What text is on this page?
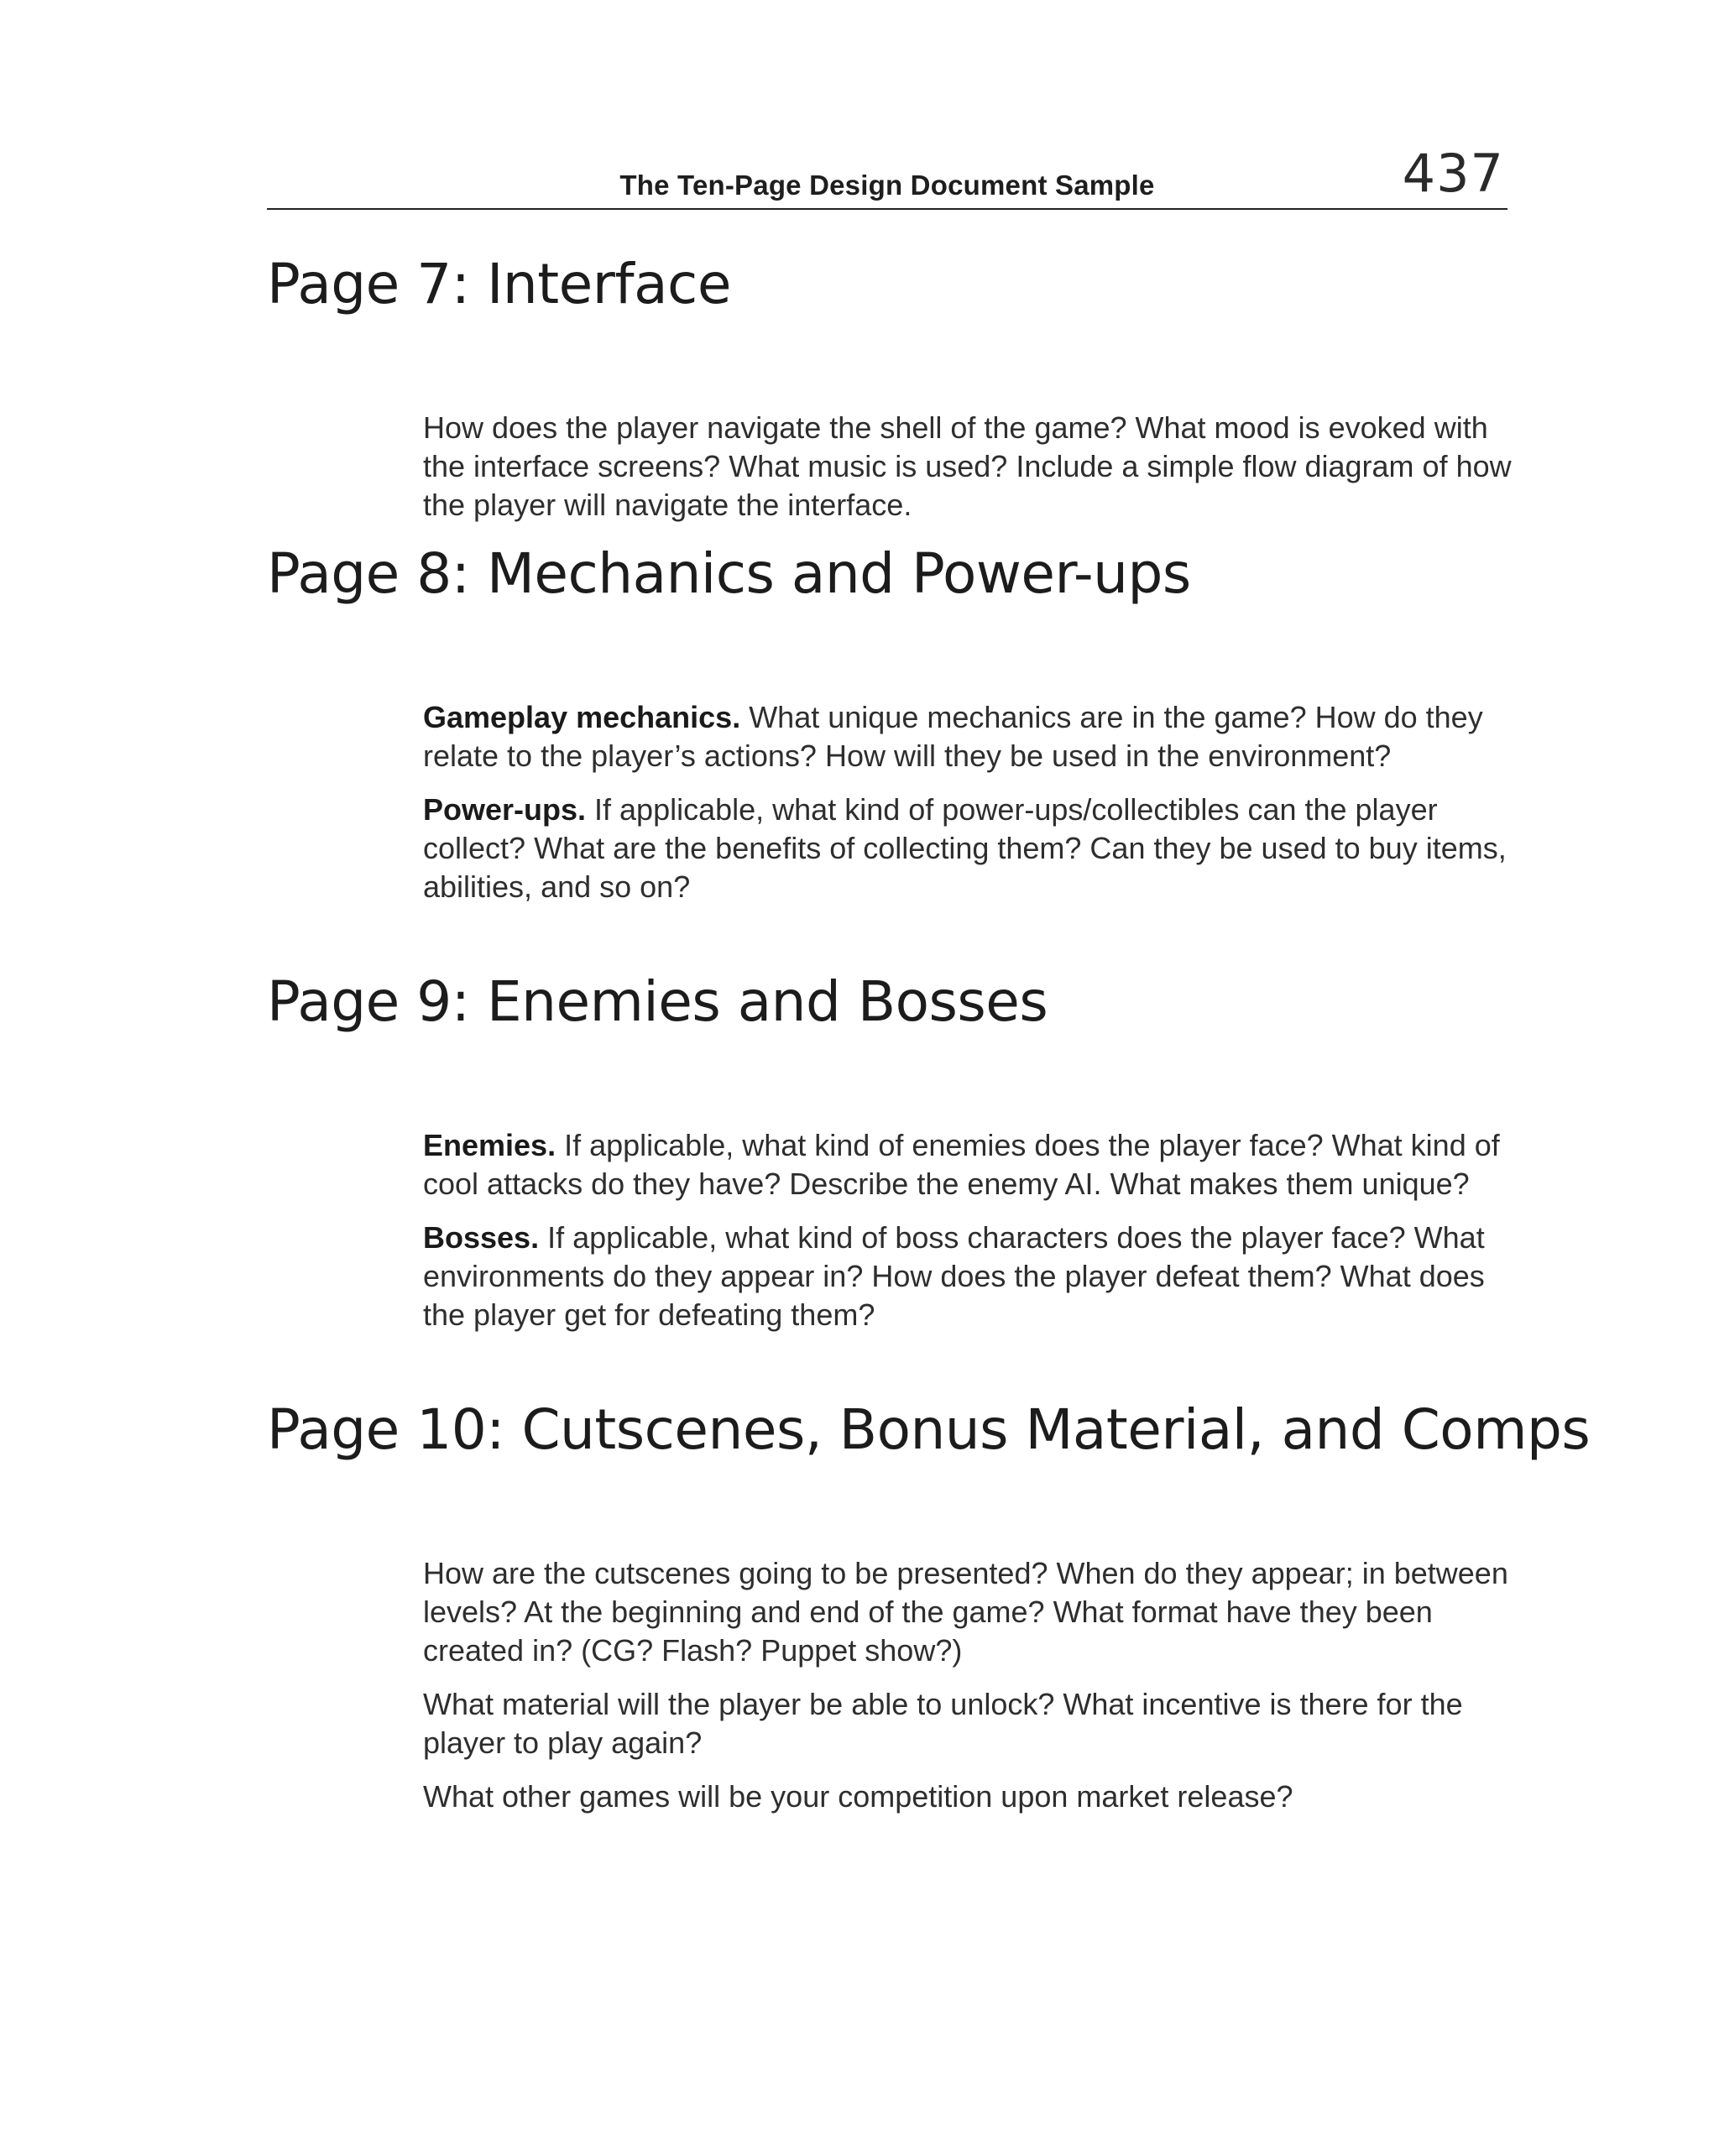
The Ten-Page Design Document Sample	437
Page 7: Interface

How does the player navigate the shell of the game? What mood is evoked with the interface screens? What music is used? Include a simple flow diagram of how the player will navigate the interface.

Page 8: Mechanics and Power-ups

Gameplay mechanics. What unique mechanics are in the game? How do they relate to the player’s actions? How will they be used in the environment?

Power-ups. If applicable, what kind of power-ups/collectibles can the player collect? What are the benefits of collecting them? Can they be used to buy items, abilities, and so on?

Page 9: Enemies and Bosses

Enemies. If applicable, what kind of enemies does the player face? What kind of cool attacks do they have? Describe the enemy AI. What makes them unique?

Bosses. If applicable, what kind of boss characters does the player face? What environments do they appear in? How does the player defeat them? What does the player get for defeating them?

Page 10: Cutscenes, Bonus Material, and Comps

How are the cutscenes going to be presented? When do they appear; in between levels? At the beginning and end of the game? What format have they been created in? (CG? Flash? Puppet show?)

What material will the player be able to unlock? What incentive is there for the player to play again?

What other games will be your competition upon market release?
